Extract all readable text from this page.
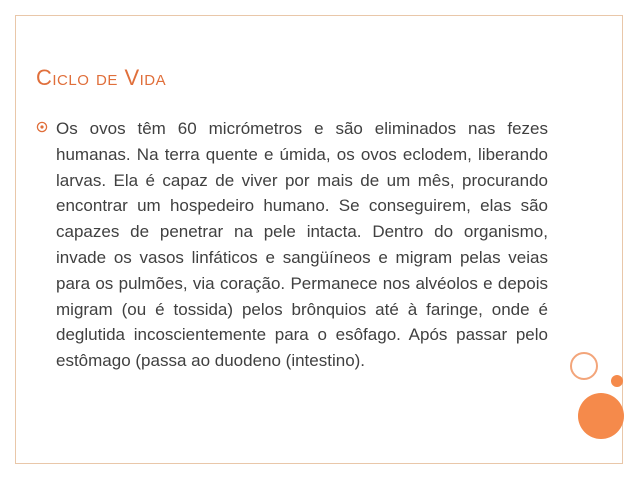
Ciclo de Vida

Os ovos têm 60 micrómetros e são eliminados nas fezes humanas. Na terra quente e úmida, os ovos eclodem, liberando larvas. Ela é capaz de viver por mais de um mês, procurando encontrar um hospedeiro humano. Se conseguirem, elas são capazes de penetrar na pele intacta. Dentro do organismo, invade os vasos linfáticos e sangüíneos e migram pelas veias para os pulmões, via coração. Permanece nos alvéolos e depois migram (ou é tossida) pelos brônquios até à faringe, onde é deglutida incoscientemente para o esôfago. Após passar pelo estômago (passa ao duodeno (intestino).
